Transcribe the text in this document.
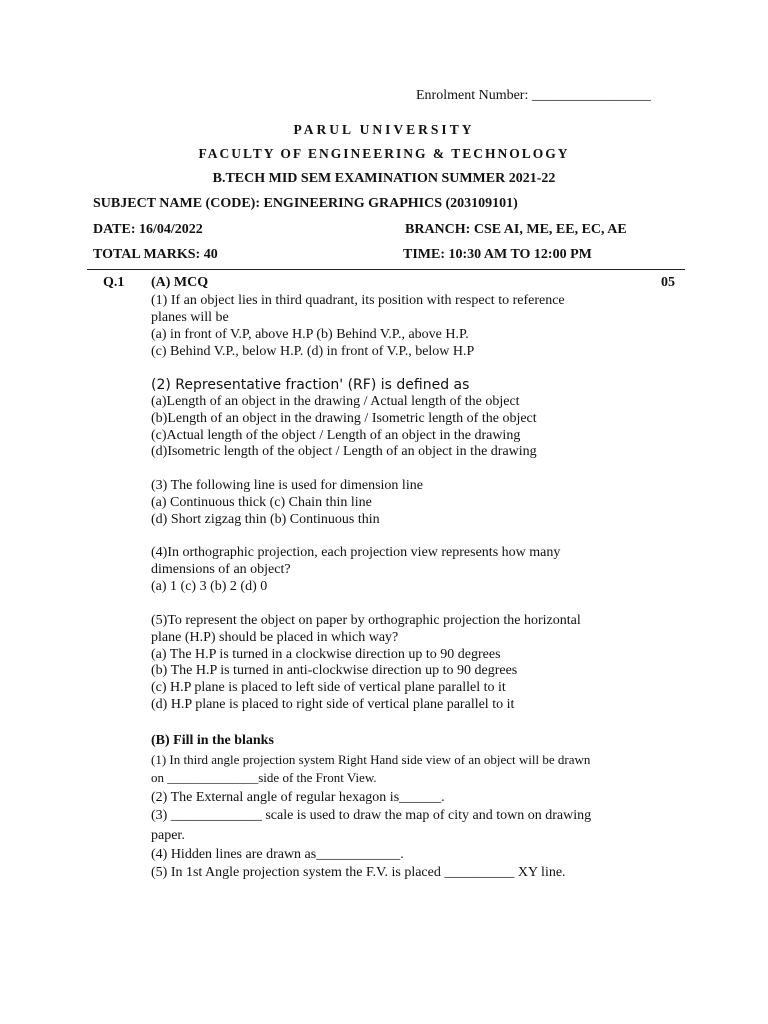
Enrolment Number: _________________
PARUL UNIVERSITY
FACULTY OF ENGINEERING & TECHNOLOGY
B.TECH MID SEM EXAMINATION SUMMER 2021-22
SUBJECT NAME (CODE): ENGINEERING GRAPHICS (203109101)
DATE: 16/04/2022	BRANCH: CSE AI, ME, EE, EC, AE
TOTAL MARKS: 40	TIME: 10:30 AM TO 12:00 PM
Q.1 (A) MCQ	05
(1) If an object lies in third quadrant, its position with respect to reference
planes will be
(a) in front of V.P, above H.P (b) Behind V.P., above H.P.
(c) Behind V.P., below H.P. (d) in front of V.P., below H.P
(2) Representative fraction' (RF) is defined as
(a)Length of an object in the drawing / Actual length of the object
(b)Length of an object in the drawing / Isometric length of the object
(c)Actual length of the object / Length of an object in the drawing
(d)Isometric length of the object / Length of an object in the drawing
(3) The following line is used for dimension line
(a) Continuous thick (c) Chain thin line
(d) Short zigzag thin (b) Continuous thin
(4)In orthographic projection, each projection view represents how many
dimensions of an object?
(a) 1 (c) 3 (b) 2 (d) 0
(5)To represent the object on paper by orthographic projection the horizontal
plane (H.P) should be placed in which way?
(a) The H.P is turned in a clockwise direction up to 90 degrees
(b) The H.P is turned in anti-clockwise direction up to 90 degrees
(c) H.P plane is placed to left side of vertical plane parallel to it
(d) H.P plane is placed to right side of vertical plane parallel to it
(B) Fill in the blanks
(1) In third angle projection system Right Hand side view of an object will be drawn
on ______________side of the Front View.
(2) The External angle of regular hexagon is______.
(3) _____________ scale is used to draw the map of city and town on drawing
paper.
(4) Hidden lines are drawn as____________.
(5) In 1st Angle projection system the F.V. is placed __________ XY line.
